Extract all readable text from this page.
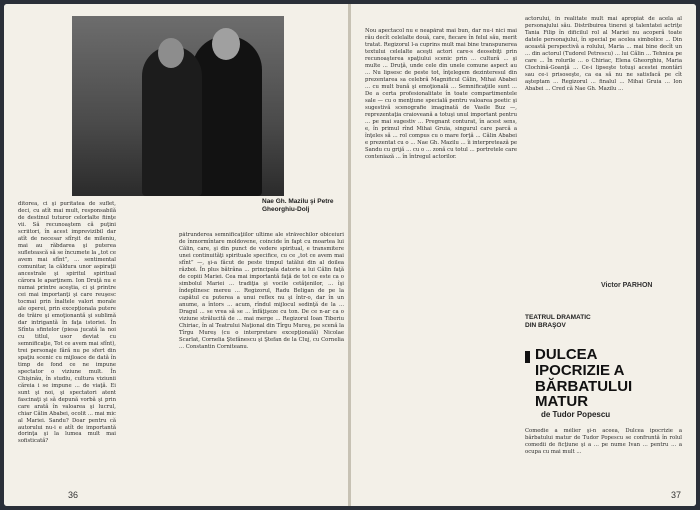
Nae Gh. Mazilu şi Petre Gheorghiu-Dolj
ditorea, ci şi puritatea de suflet, deci, cu atît mai mult, responsabilă de destinul tuturor celorlalte fiinţe vii. Să recunoaştem că puţini scriitori, în acest imprevizibil dar atît de necesar sfîrşit de mileniu, mai au răbdarea şi puterea sufletească să se încumete la „tot ce avem mai sfînt”, ... sentimental comunitar, la căldura unor aspiraţii ancestrale şi spiritul spiritual cărora le aparţinem. Ion Druţă nu e numai printre aceştia, ci şi printre cei mai importanţi şi care reuşesc tocmai prin înaltele valori morale ale operei, prin excepţionala putere de trăire şi emoţionantă şi sublimă dar intrigantă în faţa istoriei. În Sfînta sfintelor (piesa jucată la noi cu titlul, usor deviat cu semnificaţie, Tot ce avem mai sfînt), trei personaje fără nu pe sfert din spaţiu scenic cu mijloace de dată în timp de fond ce ne impune spectator o viziune mult. În Chişinău, în studiu, cultura viziunii căreia i se impune ... de viaţă. Ei sunt şi noi, şi spectatori atent fascinaţi şi să depună vorbă şi prin care arată în valoarea şi lucrul, chiar Călin Ababei, ocolit ... mai mic al Mariei. Sandu? Doar pentru că autorului nu-i e atît de importantă dorinţa şi la lumea mult mai sofisticată?
pătrunderea semnificaţiilor ultime ale străvechilor obiceiuri de înmormîntare moldovene, coincide în fapt cu moartea lui Călin, care, şi din punct de vedere spiritual, e transmitere unei continuităţi spirituale specifice, cu ce „tot ce avem mai sfînt” —, şi-a făcut de peste timpul tatălui din al doilea război. În plus bătrâna ... principala datorie a lui Călin faţă de copiii Mariei. Cea mai importantă faţă de tot ce este ca o simbolul Mariei ... tradiţia şi vocile cetăţenilor, ... îşi îndeplinesc mereu ... Regizorul, Radu Beligan de pe la capătul cu puterea a unui reflex nu şi într-o, dar în un anume, a întors ... acum, rîndul mijlocul sedinţă de la ... Dragul ... se vrea să se ... înfăţişeze cu ton. De ce n-ar ca o viziune strălucită de ... mai merge ... Regizorul Ioan Tiberiu Chiriac, în al Teatrului Naţional din Tîrgu Mureş, pe scenă la Tîrgu Mureş (cu o interpretare excepţională) Nicolae Scarlat, Cornelia Ştefănescu şi Ştefan de la Cluj, cu Cornelia ... Constantin Corniteanu.
36
Nou apectacol nu e neapărat mai bun, dar nu-i nici mai rău decît celelalte două, care, fiecare în felul său, merit tratat. Regizorul l-a cuprins mult mai bine transpunerea textului celelalte aceşti actori care-s deosebiţi prin recunoaşterea spaţiului scenic prin ... cultură ... şi multe ... Druţă, unde cele din unele comune aspect au ... Nu lipsesc de peste tot, înţelegem dezinteresul din prezentarea sa celebră Magnificul Călin, Mihai Ababei ... cu mult bună şi emoţională ... Semnificaţiile sunt ... De a certa profesionalitate în toate compartimentele sale — cu o menţiune specială pentru valoarea poetic şi sugestivă scenografie imaginată de Vasile Buz —, reprezentaţia craioveană a totuşi unul important pentru ... pe mai sugestiv ... Pregnant conturat, în acest sens, e, în primul rînd Mihai Gruia, singurul care parcă a înţeles să ... rol compus cu o mare forţă ... Călin Ababei e prezentat cu o ... Nae Gh. Mazilu ... îi interpretează pe Sandu cu grijă ... cu o ... zonă cu totul ... portretele care conteniază ... în întregul actorilor.
actorului, în realitate mult mai apropiat de acela al personajului său. Distribuirea tinerei şi talentatei actriţe Tania Filip în dificilul rol al Mariei nu acoperă toate datele personajului, în special pe acelea simbolice ... Din această perspectivă a rolului, Maria ... mai bine decît un ... din actorul (Tudorel Petrescu) ... lui Călin ... Tehnica pe care ... În rolurile ... o Chiriac, Elena Gheorghiu, Maria Clochină-Goanţă ... Ce-i lipseşte totuşi acestei montări sau ce-i prisoseşte, ca ea să nu ne satisfacă pe cît aşteptam ... Regizorul ... finalul ... Mihai Gruia ... Ion Ababei ... Cred că Nae Gh. Mazilu ...
Victor PARHON
TEATRUL DRAMATIC
DIN BRAŞOV
DULCEA IPOCRIZIE A BĂRBATULUI MATUR
de Tudor Popescu
Comedie a mélier şi-n aceea, Dulcea ipocrizie a bărbatului matur de Tudor Popescu se confruntă în rolul comedii de ficţiune şi a ... pe nume Ivan ... pentru ... a ocupa cu mai mult ...
37
